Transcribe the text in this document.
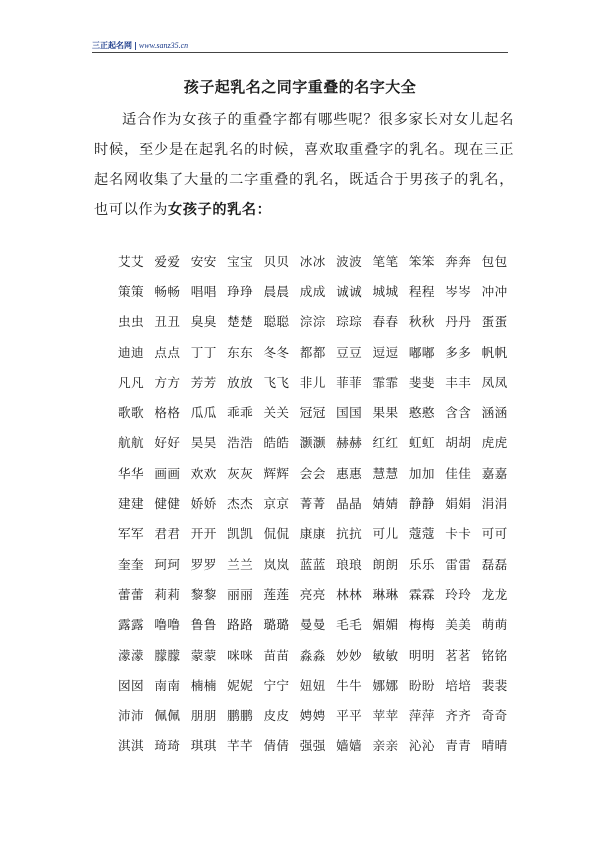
三正起名网 | www.sanz35.cn
孩子起乳名之同字重叠的名字大全
适合作为女孩子的重叠字都有哪些呢？很多家长对女儿起名时候，至少是在起乳名的时候，喜欢取重叠字的乳名。现在三正起名网收集了大量的二字重叠的乳名，既适合于男孩子的乳名，也可以作为女孩子的乳名：
艾艾 爱爱 安安 宝宝 贝贝 冰冰 波波 笔笔 笨笨 奔奔 包包
策策 畅畅 唱唱 琤琤 晨晨 成成 诚诚 城城 程程 岑岑 冲冲
虫虫 丑丑 臭臭 楚楚 聪聪 淙淙 琮琮 春春 秋秋 丹丹 蛋蛋
迪迪 点点 丁丁 东东 冬冬 都都 豆豆 逗逗 嘟嘟 多多 帆帆
凡凡 方方 芳芳 放放 飞飞 非儿 菲菲 霏霏 斐斐 丰丰 凤凤
歌歌 格格 瓜瓜 乖乖 关关 冠冠 国国 果果 憨憨 含含 涵涵
航航 好好 昊昊 浩浩 皓皓 灏灏 赫赫 红红 虹虹 胡胡 虎虎
华华 画画 欢欢 灰灰 辉辉 会会 惠惠 慧慧 加加 佳佳 嘉嘉
建建 健健 娇娇 杰杰 京京 菁菁 晶晶 婧婧 静静 娟娟 涓涓
军军 君君 开开 凯凯 侃侃 康康 抗抗 可儿 蔻蔻 卡卡 可可
奎奎 珂珂 罗罗 兰兰 岚岚 蓝蓝 琅琅 朗朗 乐乐 雷雷 磊磊
蕾蕾 莉莉 黎黎 丽丽 莲莲 亮亮 林林 琳琳 霖霖 玲玲 龙龙
露露 噜噜 鲁鲁 路路 璐璐 曼曼 毛毛 媚媚 梅梅 美美 萌萌
濛濛 朦朦 蒙蒙 咪咪 苗苗 淼淼 妙妙 敏敏 明明 茗茗 铭铭
囡囡 南南 楠楠 妮妮 宁宁 妞妞 牛牛 娜娜 盼盼 培培 裴裴
沛沛 佩佩 朋朋 鹏鹏 皮皮 娉娉 平平 苹苹 萍萍 齐齐 奇奇
淇淇 琦琦 琪琪 芊芊 倩倩 强强 嫱嫱 亲亲 沁沁 青青 晴晴
